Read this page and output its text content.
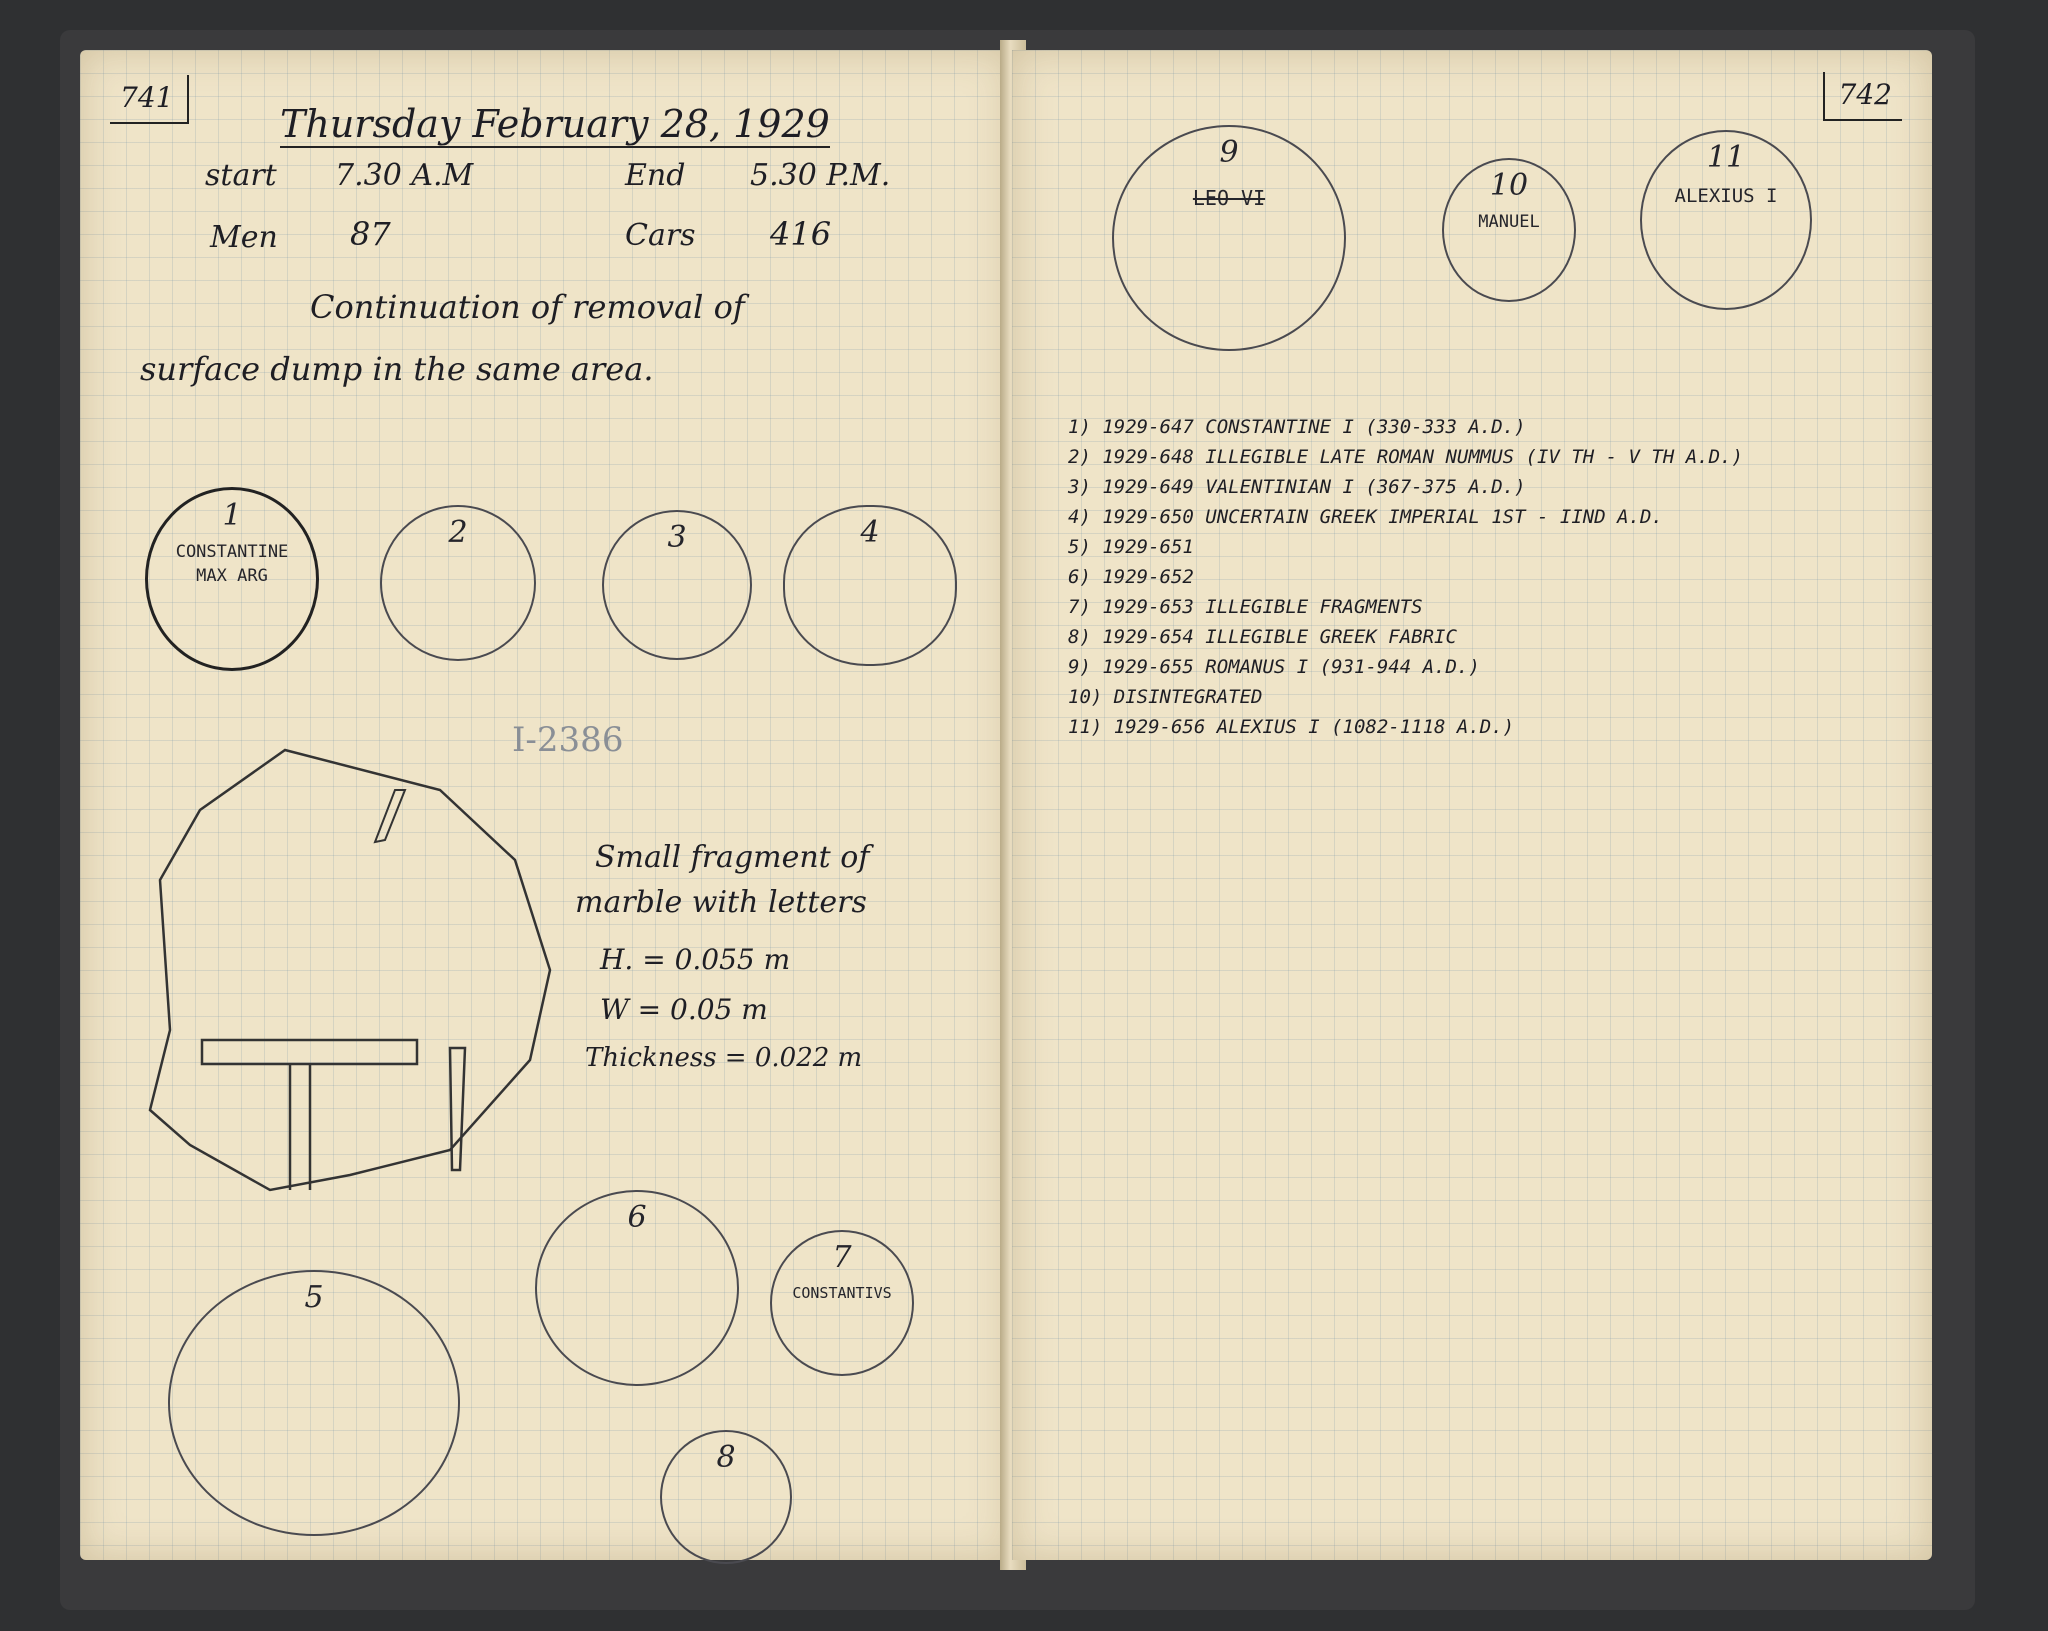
741
Thursday February 28, 1929
start 7.30 A.M	End 5.30 P.M.
Men 87	Cars 416
Continuation of removal of
surface dump in the same area.
1
CONSTANTINE
MAX ARG
2	3	4
I-2386
Small fragment of
marble with letters
H. = 0.055 m
W = 0.05 m
Thickness = 0.022 m
6
7
CONSTANTIVS
5
8
742
9
LEO VI	10
MANUEL
11
ALEXIUS I
1) 1929-647 CONSTANTINE I (330-333 A.D.)
2) 1929-648 ILLEGIBLE LATE ROMAN NUMMUS (IV TH - V TH A.D.)
3) 1929-649 VALENTINIAN I (367-375 A.D.)
4) 1929-650 UNCERTAIN GREEK IMPERIAL 1ST - IIND A.D.
5) 1929-651
6) 1929-652
7) 1929-653 ILLEGIBLE FRAGMENTS
8) 1929-654 ILLEGIBLE GREEK FABRIC
9) 1929-655 ROMANUS I (931-944 A.D.)
10) DISINTEGRATED
11) 1929-656 ALEXIUS I (1082-1118 A.D.)
